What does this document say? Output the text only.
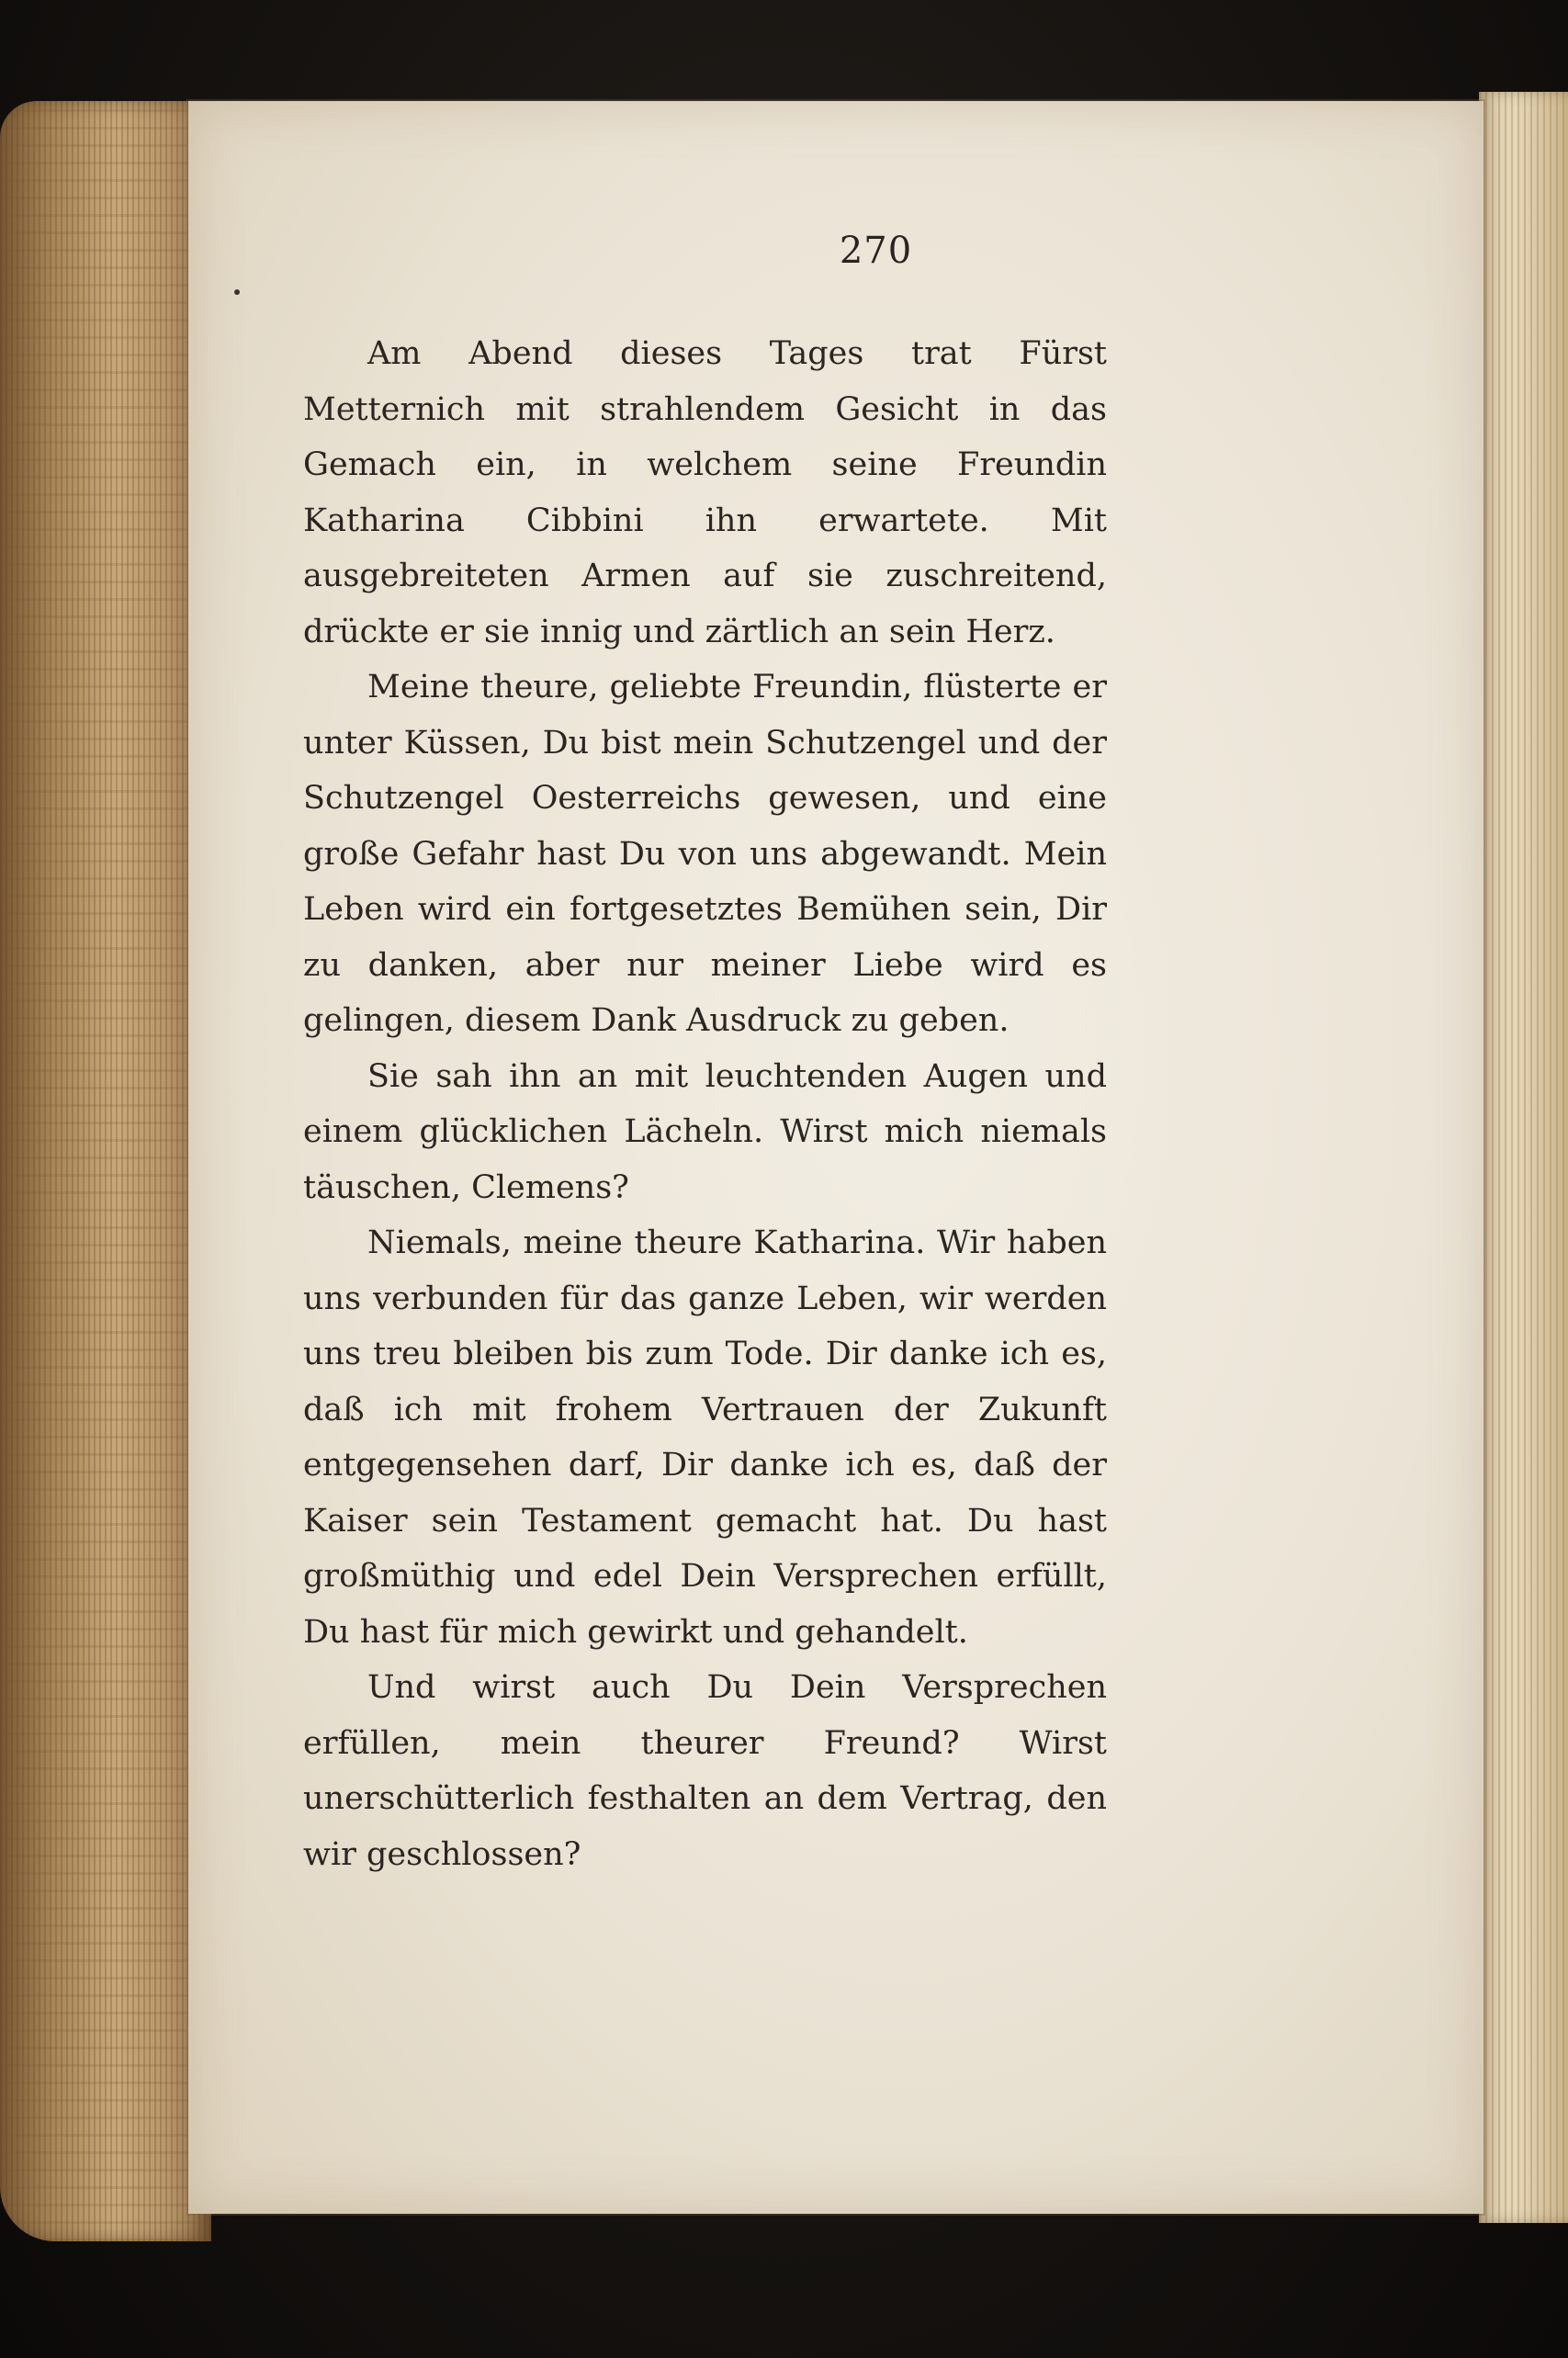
270

Am Abend dieses Tages trat Fürst Metternich mit strahlendem Gesicht in das Gemach ein, in welchem seine Freundin Katharina Cibbini ihn erwartete. Mit ausgebreiteten Armen auf sie zuschreitend, drückte er sie innig und zärtlich an sein Herz.

Meine theure, geliebte Freundin, flüsterte er unter Küssen, Du bist mein Schutzengel und der Schutzengel Oesterreichs gewesen, und eine große Gefahr hast Du von uns abgewandt. Mein Leben wird ein fortgesetztes Bemühen sein, Dir zu danken, aber nur meiner Liebe wird es gelingen, diesem Dank Ausdruck zu geben.

Sie sah ihn an mit leuchtenden Augen und einem glücklichen Lächeln. Wirst mich niemals täuschen, Clemens?

Niemals, meine theure Katharina. Wir haben uns verbunden für das ganze Leben, wir werden uns treu bleiben bis zum Tode. Dir danke ich es, daß ich mit frohem Vertrauen der Zukunft entgegensehen darf, Dir danke ich es, daß der Kaiser sein Testament gemacht hat. Du hast großmüthig und edel Dein Versprechen erfüllt, Du hast für mich gewirkt und gehandelt.

Und wirst auch Du Dein Versprechen erfüllen, mein theurer Freund? Wirst unerschütterlich festhalten an dem Vertrag, den wir geschlossen?
